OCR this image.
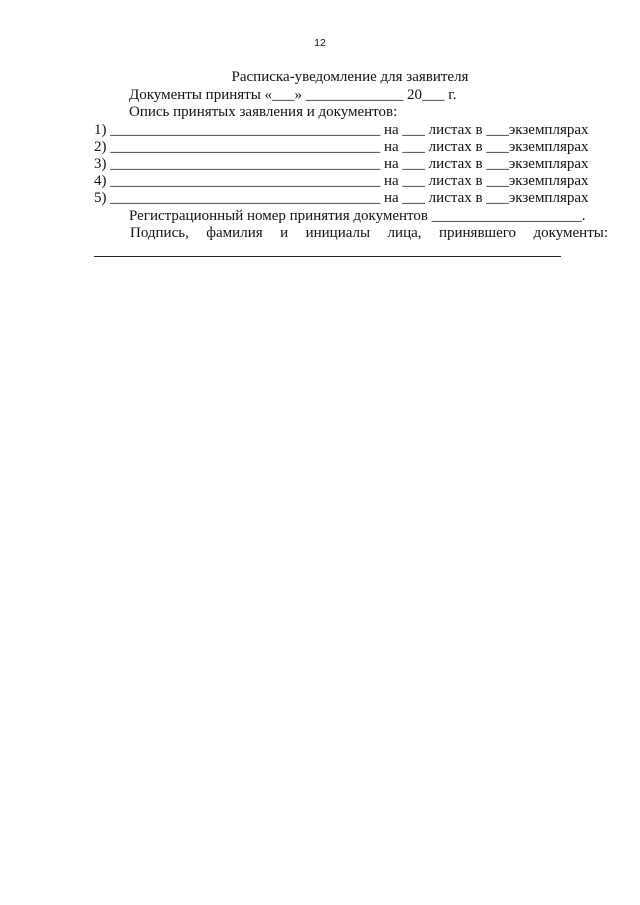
12
Расписка-уведомление для заявителя
Документы приняты «___» _____________ 20___ г.
Опись принятых заявления и документов:
1) ____________________________________ на ___ листах в ___экземплярах
2) ____________________________________ на ___ листах в ___экземплярах
3) ____________________________________ на ___ листах в ___экземплярах
4) ____________________________________ на ___ листах в ___экземплярах
5) ____________________________________ на ___ листах в ___экземплярах
Регистрационный номер принятия документов ____________________.
Подпись, фамилия и инициалы лица, принявшего документы:
